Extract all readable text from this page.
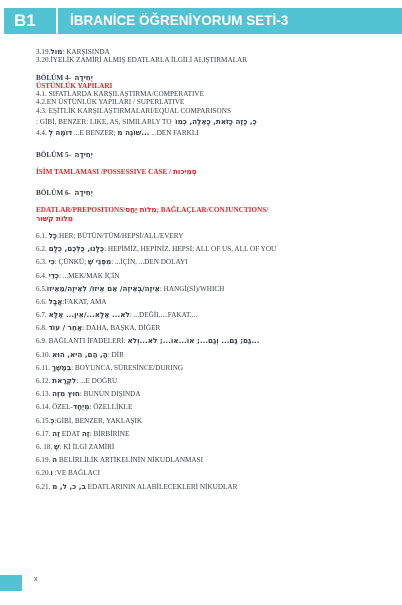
B1	İBRANİCE ÖĞRENİYORUM SETİ-3
3.19.מול: KARŞISINDA
3.20.İYELİK ZAMİRİ ALMIŞ EDATLARLA İLGİLİ ALIŞTIRMALAR
BÖLÜM 4- יְחִידָה
ÜSTÜNLÜK YAPILARI
4.1. SIFATLARDA KARŞILAŞTIRMA/COMPERATIVE
4.2.EN ÜSTÜNLÜK YAPILARI / SUPERLATIVE
4.3. EŞİTLİK KARŞILAŞTIRMALARI/EQUAL COMPARISONS
: GİBİ, BENZER: LIKE, AS, SIMILARLY TO כְּ, כָּזֶה כָּזֹאת, כָּאֵלֶּה, כְּמוֹ
4.4. דּוֹמֶה לְ ...E BENZER; שׁוֹנֶה מ... ...DEN FARKLI
BÖLÜM 5- יְחִידָה
İSİM TAMLAMASI /POSSESSIVE CASE / סְמִיכוּת
BÖLÜM 6- יְחִידָה
EDATLAR/PREPOSITONS/מִלּוֹת יַחַס; BAĞLAÇLAR/CONJUNCTIONS/
מִלּוֹת קִשּׁוּר
6.1. כָּל:HER; BÜTÜN/TÜM/HEPSİ/ALL/EVERY
6.2. כֻּלָּנוּ, כֻּלְּכֶם, כֻּלָּם: HEPİMİZ, HEPİNİZ, HEPSİ; ALL OF US, ALL OF YOU
6.3. כִּי: ÇÜNKÜ; מִפְּנֵי שֶׁ: ...İÇİN, ...DEN DOLAYI
6.4. כְּדֵי: ...MEK/MAK İÇİN
6.5.אֵיזֶה/בְּאֵיזֶה/ אֵם אֵיזוֹ/ לְאֵיזֶה/מֵאֵיזוֹ: HANGİ(Sİ)/WHICH
6.6. אֲבָל:FAKAT, AMA
6.7. לֹא... אֶלָּא.../אֵין... אֶלָּא: ...DEĞİL....FAKAT....
6.8. אַחֵר / עוֹד: DAHA, BAŞKA, DİĞER
6.9. BAĞLANTI İFADELERİ: גַּם; גַּם... וְגַם...; אוֹ...אוֹ...; לֹא...וְלֹא...
6.10. הֲ, הַם, הִיא, הוּא: DİR
6.11. בְּמֶשֶׁךְ: BOYUNCA, SÜRESİNCE/DURING
6.12. לִקְרַאת: ...E DOĞRU
6.13. חוּץ מִזֶּה: BUNUN DIŞINDA
6.14. ÖZEL-מְיֻחָד: ÖZELLİKLE
6.15.כְּ:GİBİ, BENZER, YAKLAŞIK
6.17. זֶה EDAT זֶה: BİRBİRİNE
6. 18. שֶׁ: Kİ İLGİ ZAMİRİ
6.19. ה BELİRLİLİK ARTİKELİNİN NİKUDLANMASI
6.20.ו :VE BAĞLACI
6.21. ב, כ, ל, מ EDATLARININ ALABİLECEKLERİ NİKUDLAR
x
